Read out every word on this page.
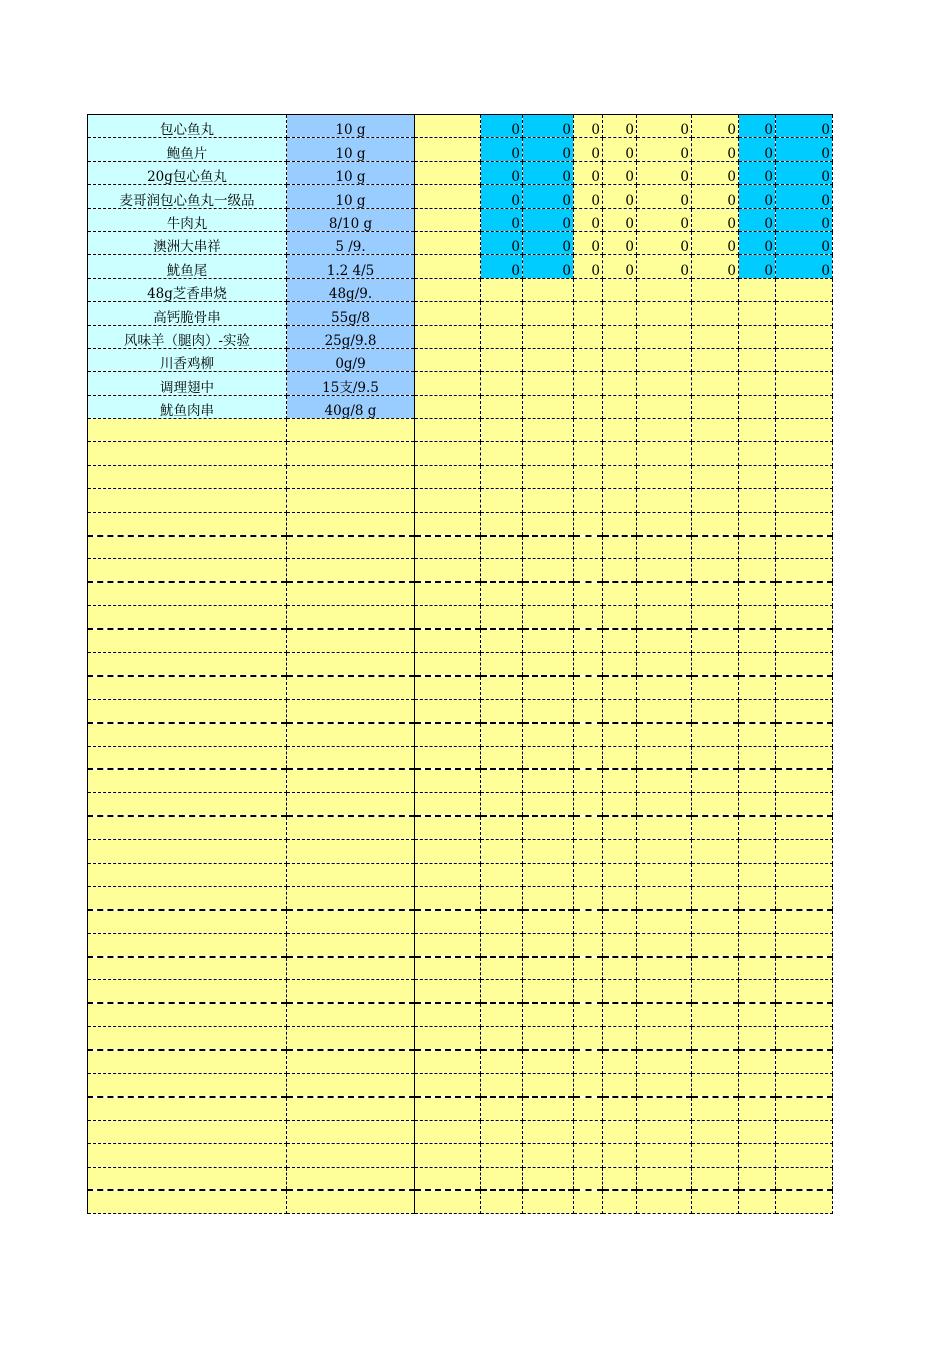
包心鱼丸	10 g		0	0	0	0	0	0	0	0
鲍鱼片	10 g		0	0	0	0	0	0	0	0
20g包心鱼丸	10 g		0	0	0	0	0	0	0	0
麦哥润包心鱼丸一级品	10 g		0	0	0	0	0	0	0	0
牛肉丸	8/10 g		0	0	0	0	0	0	0	0
澳洲大串祥	5 /9.		0	0	0	0	0	0	0	0
魷鱼尾	1.2 4/5		0	0	0	0	0	0	0	0
48g芝香串烧	48g/9.									
高钙脆骨串	55g/8									
风味羊（腿肉）-实验	25g/9.8									
川香鸡柳	0g/9									
调理翅中	15支/9.5									
魷鱼肉串	40g/8 g									
